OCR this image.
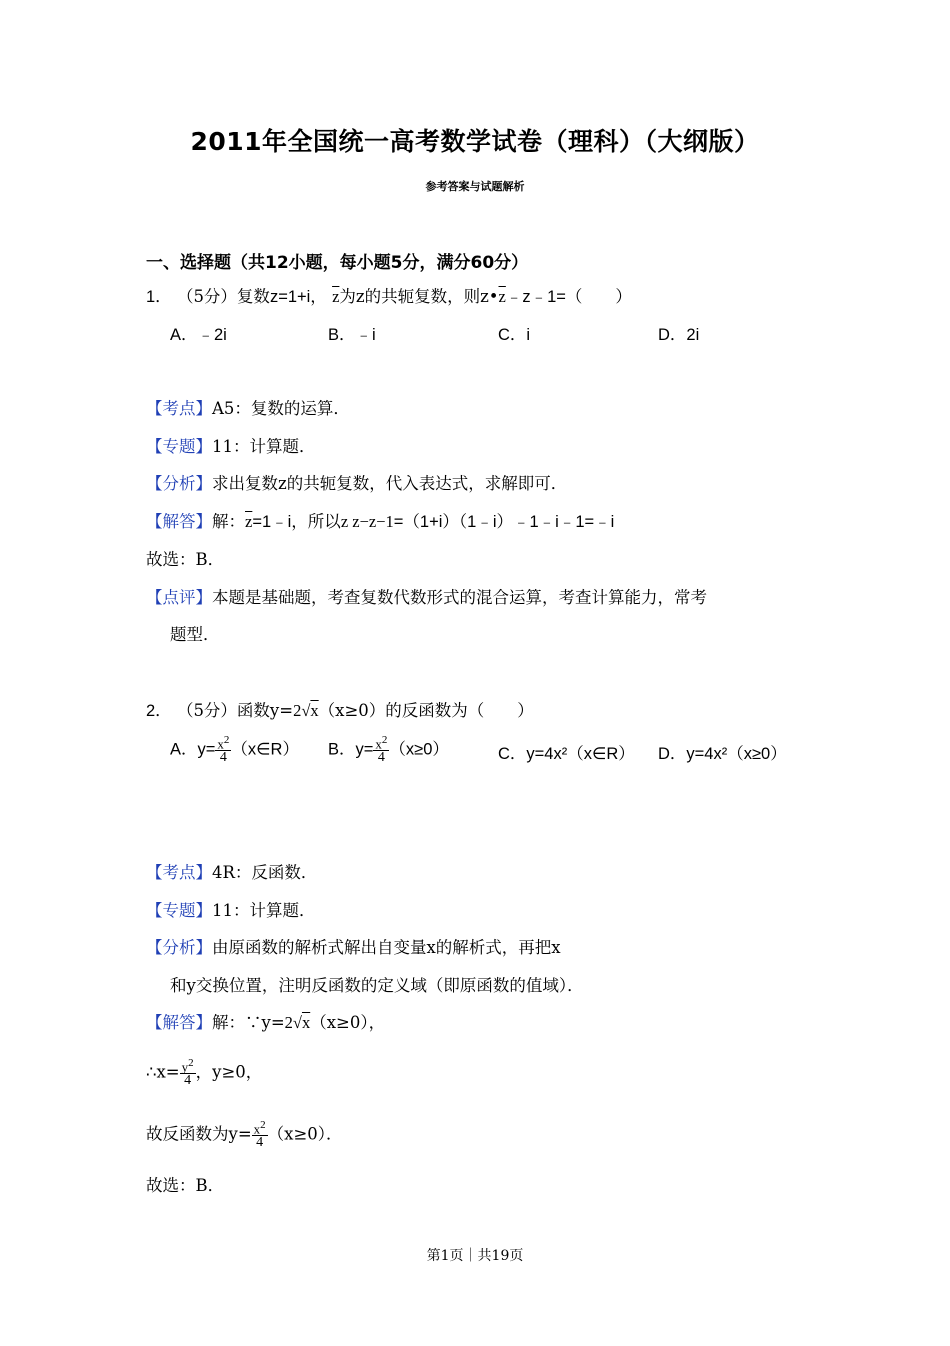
2011年全国统一高考数学试卷（理科）（大纲版）
参考答案与试题解析
一、选择题（共12小题，每小题5分，满分60分）
1． （5分）复数z=1+i， $\overline{z}$为z的共轭复数，则$z•\overline{z}﹣z﹣1=$（　　）
A．﹣2i	B．﹣i	C．i	D．2i
【考点】A5：复数的运算．
【专题】11：计算题．
【分析】求出复数z的共轭复数，代入表达式，求解即可．
【解答】解：$\overline{z}=1﹣i$，所以z z−z−1=（1+i）（1﹣i）﹣1﹣i﹣1=﹣i
故选：B．
【点评】本题是基础题，考查复数代数形式的混合运算，考查计算能力，常考
题型．
2． （5分）函数y=2√x（x≥0）的反函数为（　　）
A．$y= \frac{x^2}{4}$ （x∈R） B．$y= \frac{x^2}{4} (x\ge 0)$	C．y=4x²（x∈R） D．y=4x²（x≥0）
【考点】4R：反函数．
【专题】11：计算题．
【分析】由原函数的解析式解出自变量x的解析式，再把x
和y交换位置，注明反函数的定义域（即原函数的值域）．
【解答】解：∵y=2√x（x≥0），
∴x= $\frac{y^2}{4}$ ，y≥0，
故反函数为$y= \frac{x^2}{4} (x\ge 0)$．
故选：B．
第1页｜共19页
